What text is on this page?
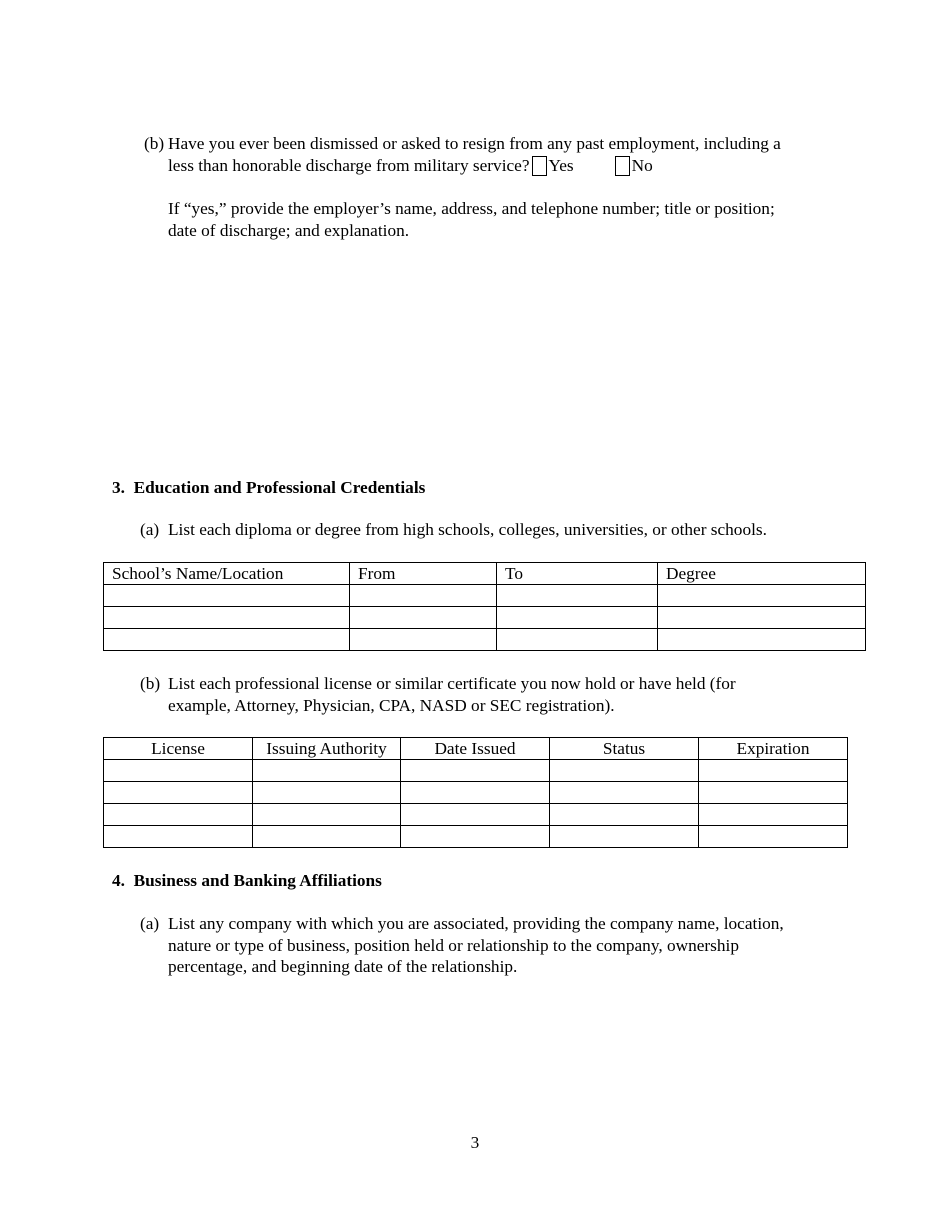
(b) Have you ever been dismissed or asked to resign from any past employment, including a
less than honorable discharge from military service? Yes	No
If “yes,” provide the employer’s name, address, and telephone number; title or position;
date of discharge; and explanation.
3.  Education and Professional Credentials
(a) List each diploma or degree from high schools, colleges, universities, or other schools.
School’s Name/Location	From	To	Degree

(b) List each professional license or similar certificate you now hold or have held (for
example, Attorney, Physician, CPA, NASD or SEC registration).
License	Issuing Authority	Date Issued	Status	Expiration

4.  Business and Banking Affiliations
(a) List any company with which you are associated, providing the company name, location,
nature or type of business, position held or relationship to the company, ownership
percentage, and beginning date of the relationship.
3
